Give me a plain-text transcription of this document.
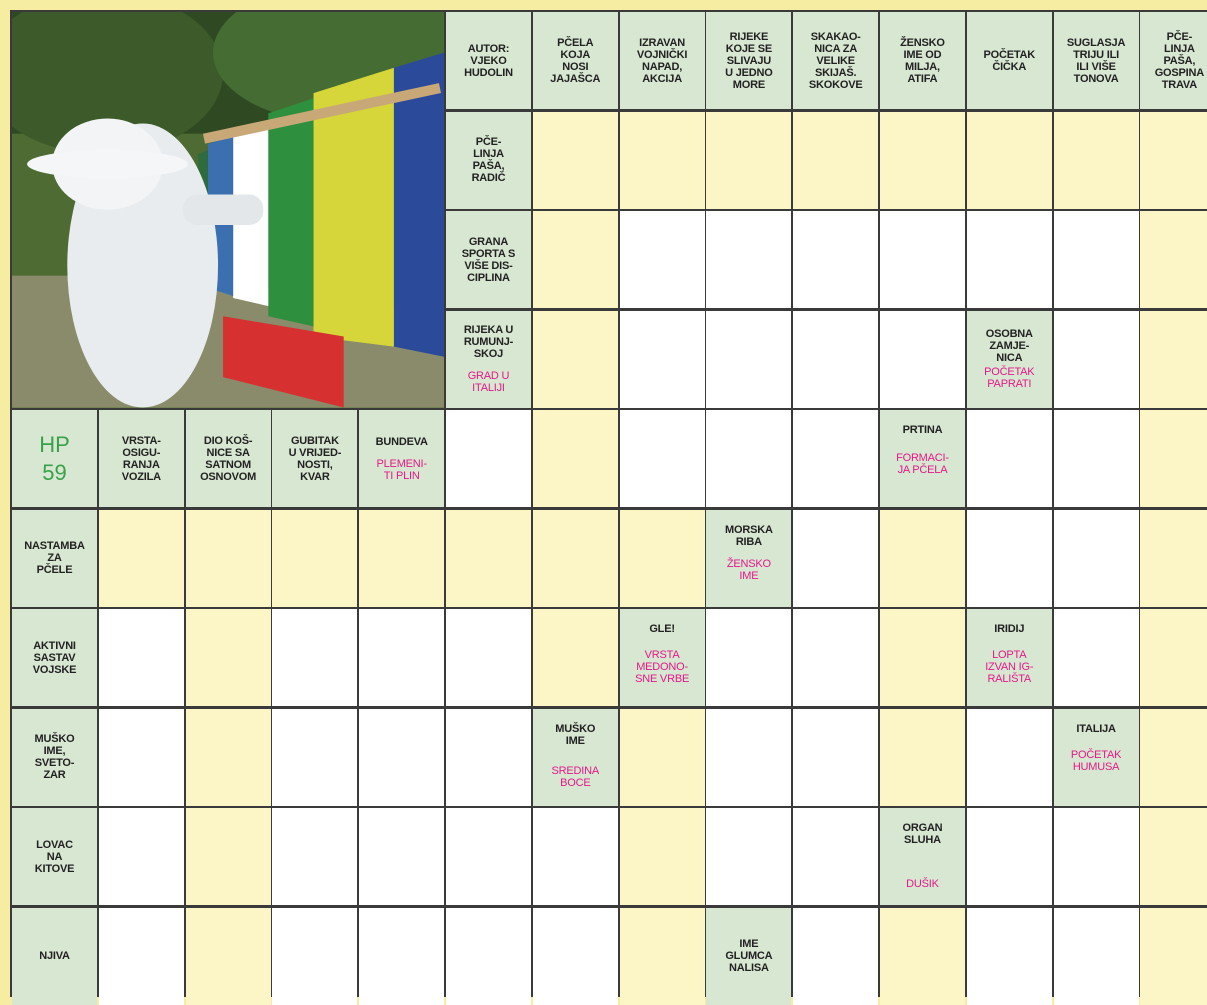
AUTOR:
VJEKO
HUDOLIN
PČELA
KOJA
NOSI
JAJAŠCA
IZRAVAN
VOJNIČKI
NAPAD,
AKCIJA
RIJEKE
KOJE SE
SLIVAJU
U JEDNO
MORE
SKAKAO-
NICA ZA
VELIKE
SKIJAŠ.
SKOKOVE
ŽENSKO
IME OD
MILJA,
ATIFA
POČETAK
ČIČKA
SUGLASJA
TRIJU ILI
ILI VIŠE
TONOVA
PČE-
LINJA
PAŠA,
GOSPINA
TRAVA
PČE-
LINJA
PAŠA,
RADIČ
GRANA
SPORTA S
VIŠE DIS-
CIPLINA
RIJEKA U
RUMUNJ-
SKOJ
GRAD U
ITALIJI
OSOBNA
ZAMJE-
NICA
POČETAK
PAPRATI
HP
59
VRSTA-
OSIGU-
RANJA
VOZILA
DIO KOŠ-
NICE SA
SATNOM
OSNOVOM
GUBITAK
U VRIJED-
NOSTI,
KVAR
BUNDEVA
PLEMENI-
TI PLIN
PRTINA
FORMACI-
JA PČELA
NASTAMBA
ZA
PČELE
MORSKA
RIBA
ŽENSKO
IME
AKTIVNI
SASTAV
VOJSKE
GLE!
VRSTA
MEDONO-
SNE VRBE
IRIDIJ
LOPTA
IZVAN IG-
RALIŠTA
MUŠKO
IME,
SVETO-
ZAR
MUŠKO
IME
SREDINA
BOCE
ITALIJA
POČETAK
HUMUSA
LOVAC
NA
KITOVE
ORGAN
SLUHA
DUŠIK
NJIVA
IME
GLUMCA
NALISA
